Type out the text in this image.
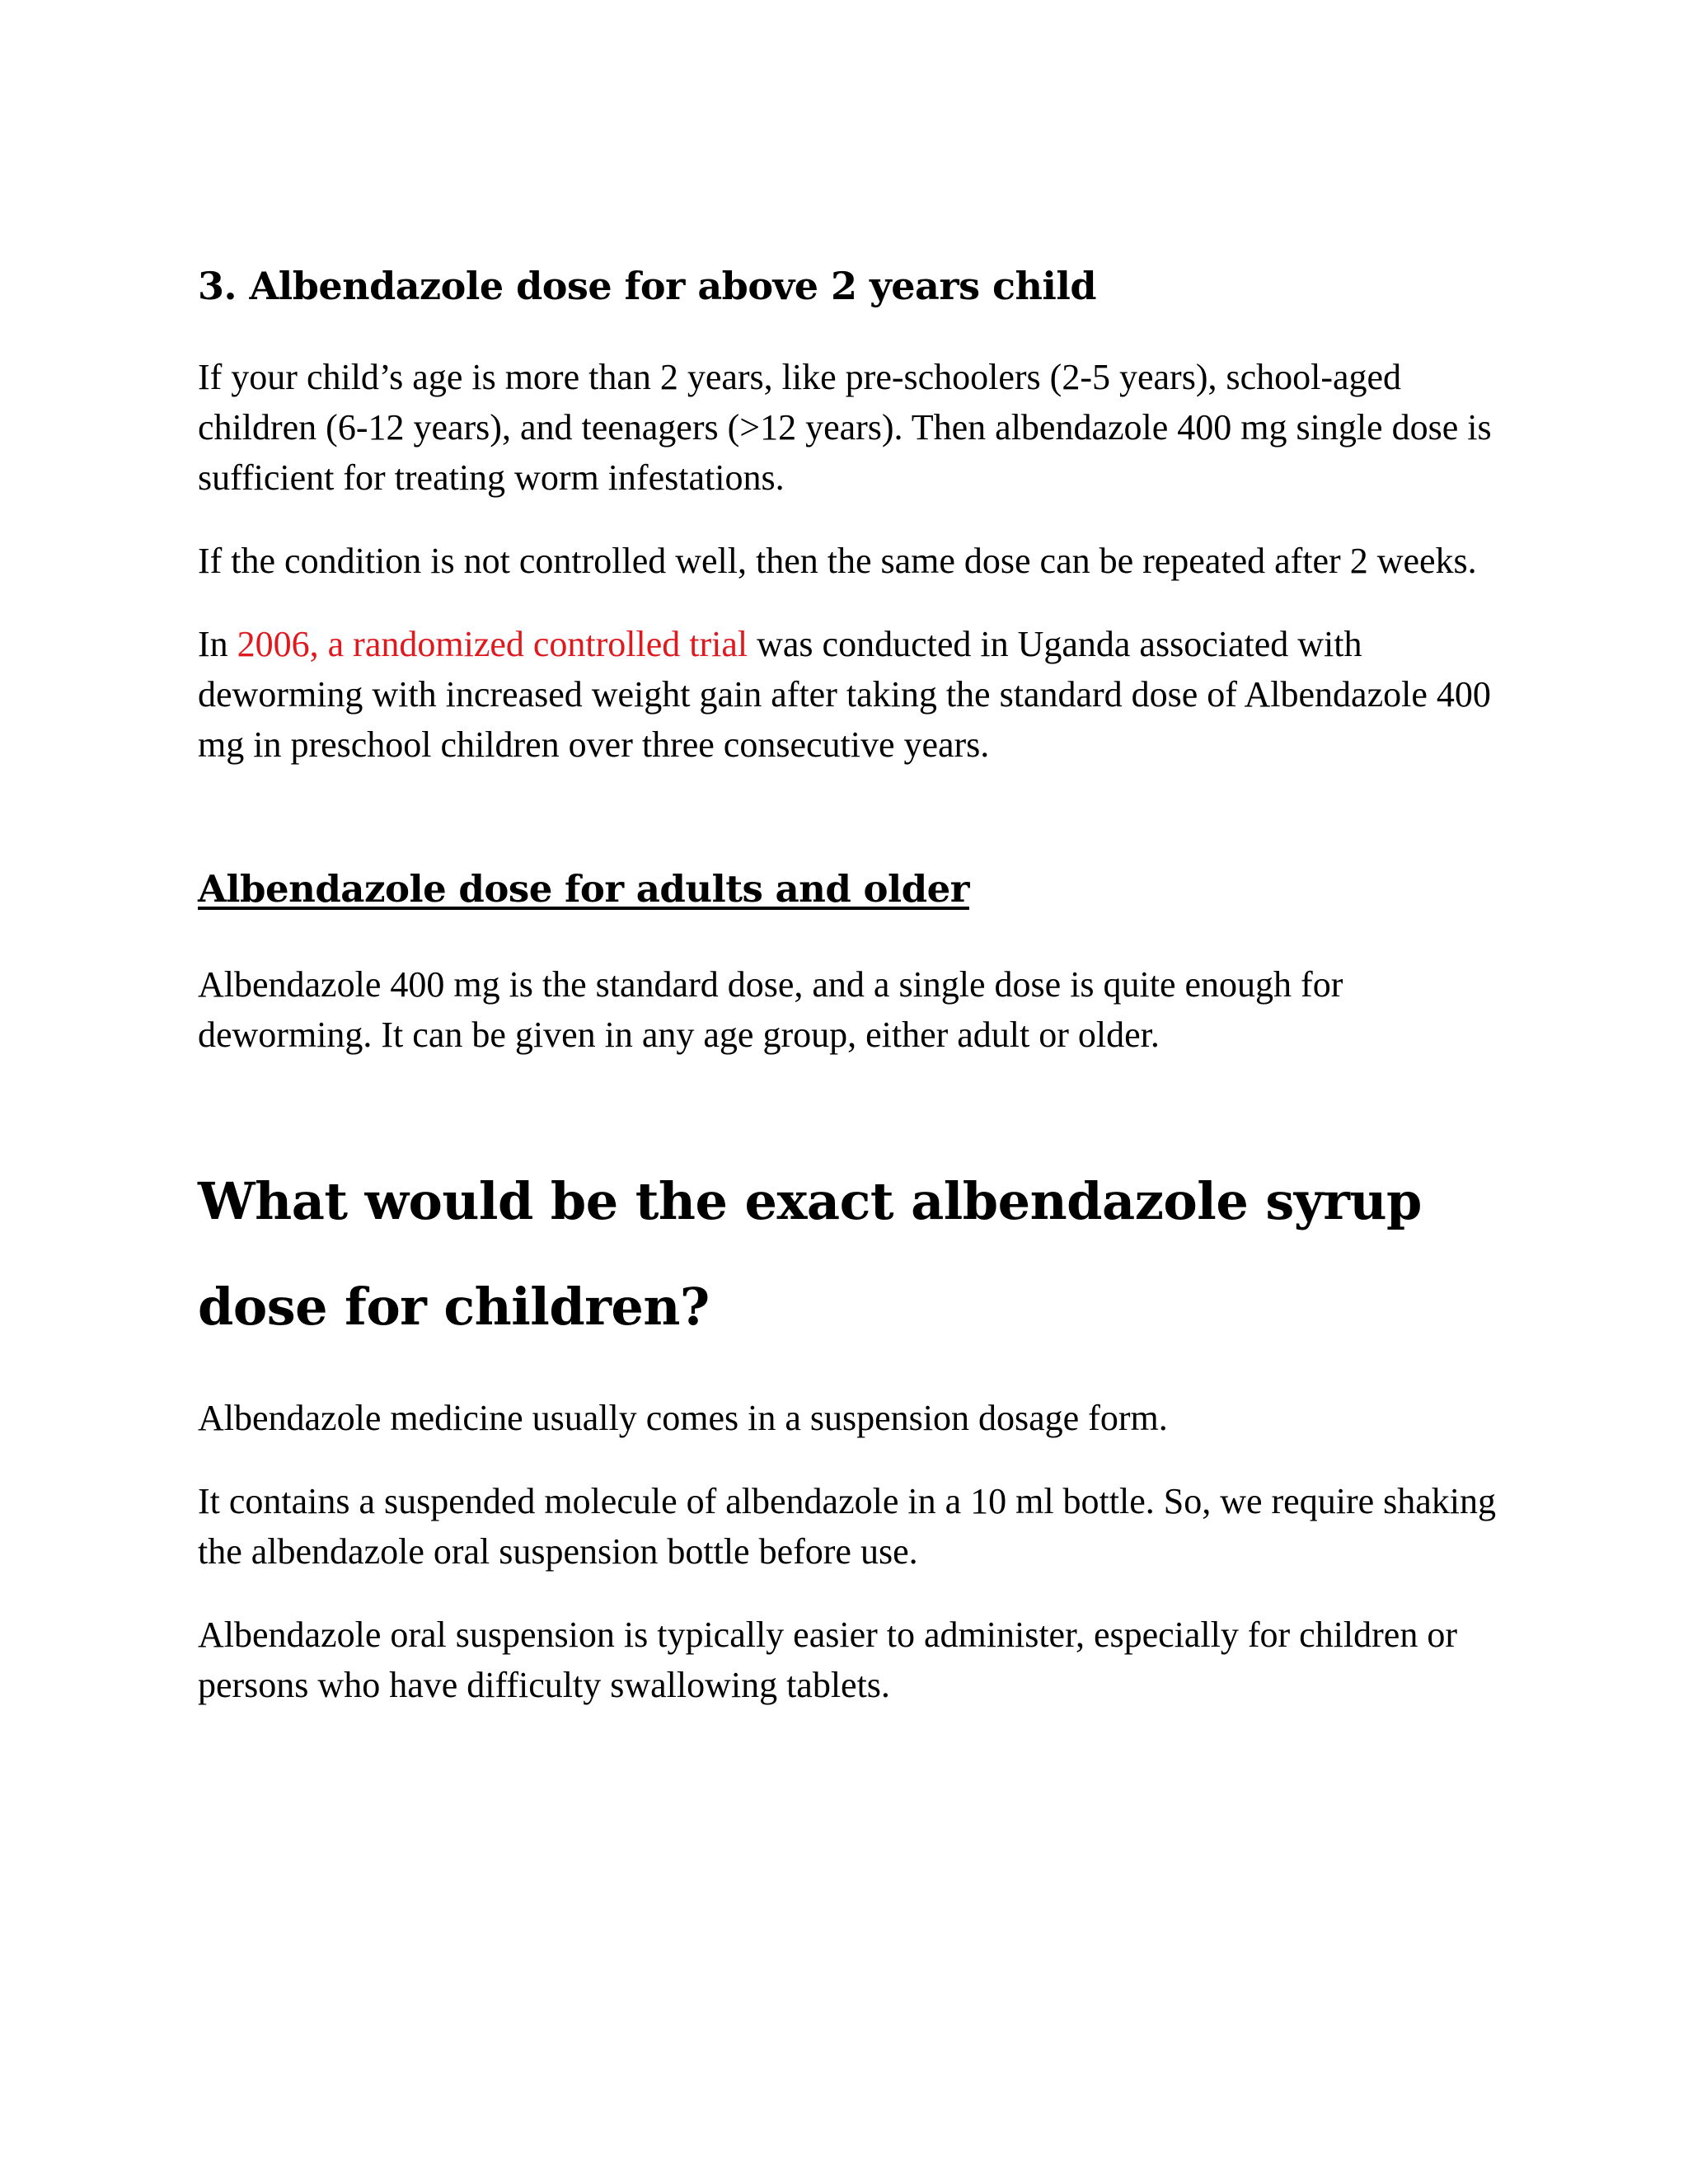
3. Albendazole dose for above 2 years child

If your child’s age is more than 2 years, like pre-schoolers (2-5 years), school-aged children (6-12 years), and teenagers (>12 years). Then albendazole 400 mg single dose is sufficient for treating worm infestations.

If the condition is not controlled well, then the same dose can be repeated after 2 weeks.

In 2006, a randomized controlled trial was conducted in Uganda associated with deworming with increased weight gain after taking the standard dose of Albendazole 400 mg in preschool children over three consecutive years.

Albendazole dose for adults and older

Albendazole 400 mg is the standard dose, and a single dose is quite enough for deworming. It can be given in any age group, either adult or older.

What would be the exact albendazole syrup dose for children?

Albendazole medicine usually comes in a suspension dosage form.

It contains a suspended molecule of albendazole in a 10 ml bottle. So, we require shaking the albendazole oral suspension bottle before use.

Albendazole oral suspension is typically easier to administer, especially for children or persons who have difficulty swallowing tablets.
